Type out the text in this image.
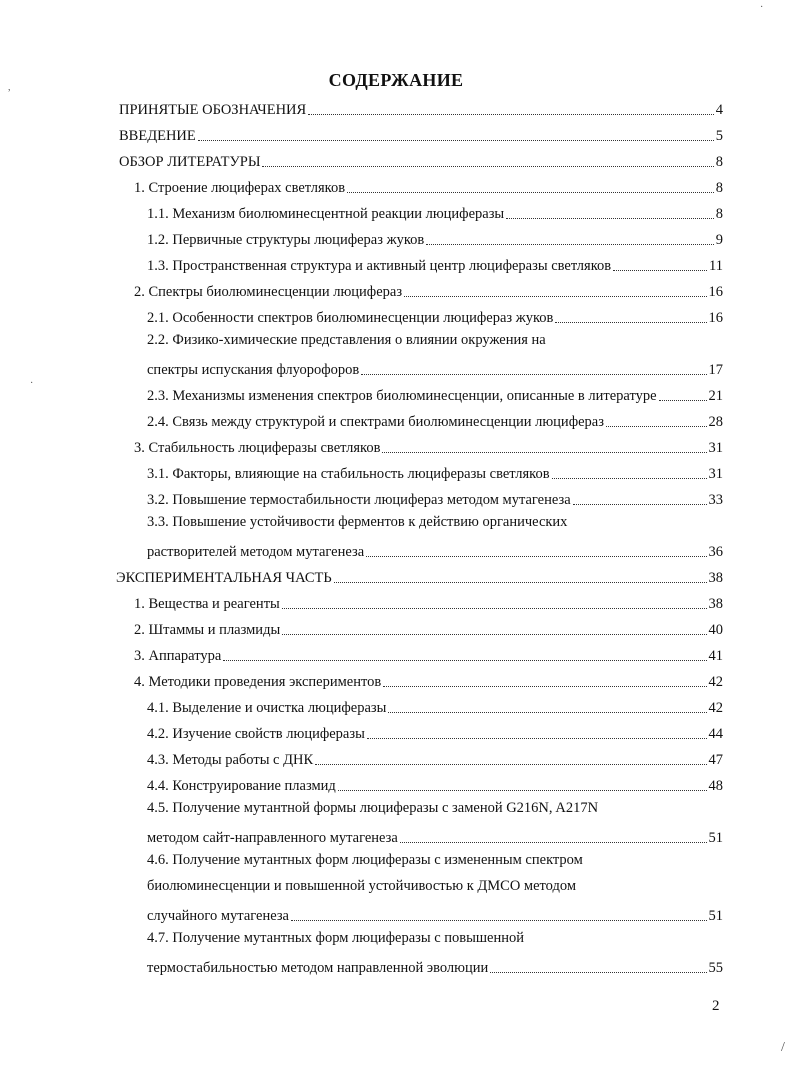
СОДЕРЖАНИЕ
ПРИНЯТЫЕ ОБОЗНАЧЕНИЯ	4
ВВЕДЕНИЕ	5
ОБЗОР ЛИТЕРАТУРЫ	8
1. Строение люциферах светляков	8
1.1. Механизм биолюминесцентной реакции люциферазы	8
1.2. Первичные структуры люцифераз жуков	9
1.3. Пространственная структура и активный центр люциферазы светляков	11
2. Спектры биолюминесценции люцифераз	16
2.1. Особенности спектров биолюминесценции люцифераз жуков	16
2.2. Физико-химические представления о влиянии окружения на
спектры испускания флуорофоров	17
2.3. Механизмы изменения спектров биолюминесценции, описанные в литературе	21
2.4. Связь между структурой и спектрами биолюминесценции люцифераз	28
3. Стабильность люциферазы светляков	31
3.1. Факторы, влияющие на стабильность люциферазы светляков	31
3.2. Повышение термостабильности люцифераз методом мутагенеза	33
3.3. Повышение устойчивости ферментов к действию органических
растворителей методом мутагенеза	36
ЭКСПЕРИМЕНТАЛЬНАЯ ЧАСТЬ	38
1. Вещества и реагенты	38
2. Штаммы и плазмиды	40
3. Аппаратура	41
4. Методики проведения экспериментов	42
4.1. Выделение и очистка люциферазы	42
4.2. Изучение свойств люциферазы	44
4.3. Методы работы с ДНК	47
4.4. Конструирование плазмид	48
4.5. Получение мутантной формы люциферазы с заменой G216N, A217N
методом сайт-направленного мутагенеза	51
4.6. Получение мутантных форм люциферазы с измененным спектром
биолюминесценции и повышенной устойчивостью к ДМСО методом
случайного мутагенеза	51
4.7. Получение мутантных форм люциферазы с повышенной
термостабильностью методом направленной эволюции	55
2
·
,
·
/
